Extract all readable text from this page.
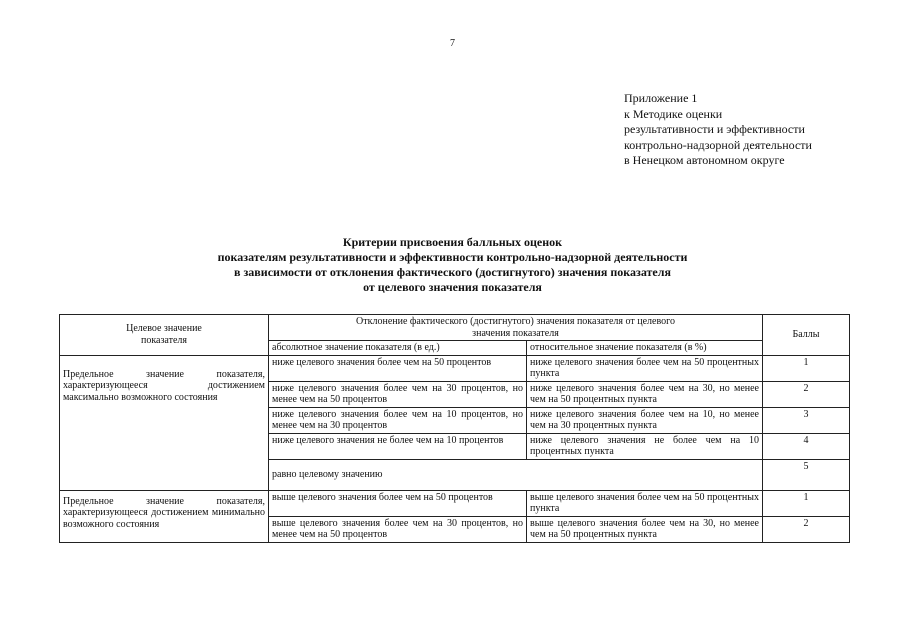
7
Приложение 1
к Методике оценки
результативности и эффективности
контрольно-надзорной деятельности
в Ненецком автономном округе
Критерии присвоения балльных оценок
показателям результативности и эффективности контрольно-надзорной деятельности
в зависимости от отклонения фактического (достигнутого) значения показателя
от целевого значения показателя
Целевое значение показателя	Отклонение фактического (достигнутого) значения показателя от целевого значения показателя		Баллы
	абсолютное значение показателя (в ед.)	относительное значение показателя (в %)	

Предельное значение показателя, характеризующееся достижением максимально возможного состояния	ниже целевого значения более чем на 50 процентов	ниже целевого значения более чем на 50 процентных пункта	1
	ниже целевого значения более чем на 30 процентов, но менее чем на 50 процентов	ниже целевого значения более чем на 30, но менее чем на 50 процентных пункта	2
	ниже целевого значения более чем на 10 процентов, но менее чем на 30 процентов	ниже целевого значения более чем на 10, но менее чем на 30 процентных пункта	3
	ниже целевого значения не более чем на 10 процентов	ниже целевого значения не более чем на 10 процентных пункта	4
	равно целевому значению		5

Предельное значение показателя, характеризующееся достижением минимально возможного состояния	выше целевого значения более чем на 50 процентов	выше целевого значения более чем на 50 процентных пункта	1
	выше целевого значения более чем на 30 процентов, но менее чем на 50 процентов	выше целевого значения более чем на 30, но менее чем на 50 процентных пункта	2
